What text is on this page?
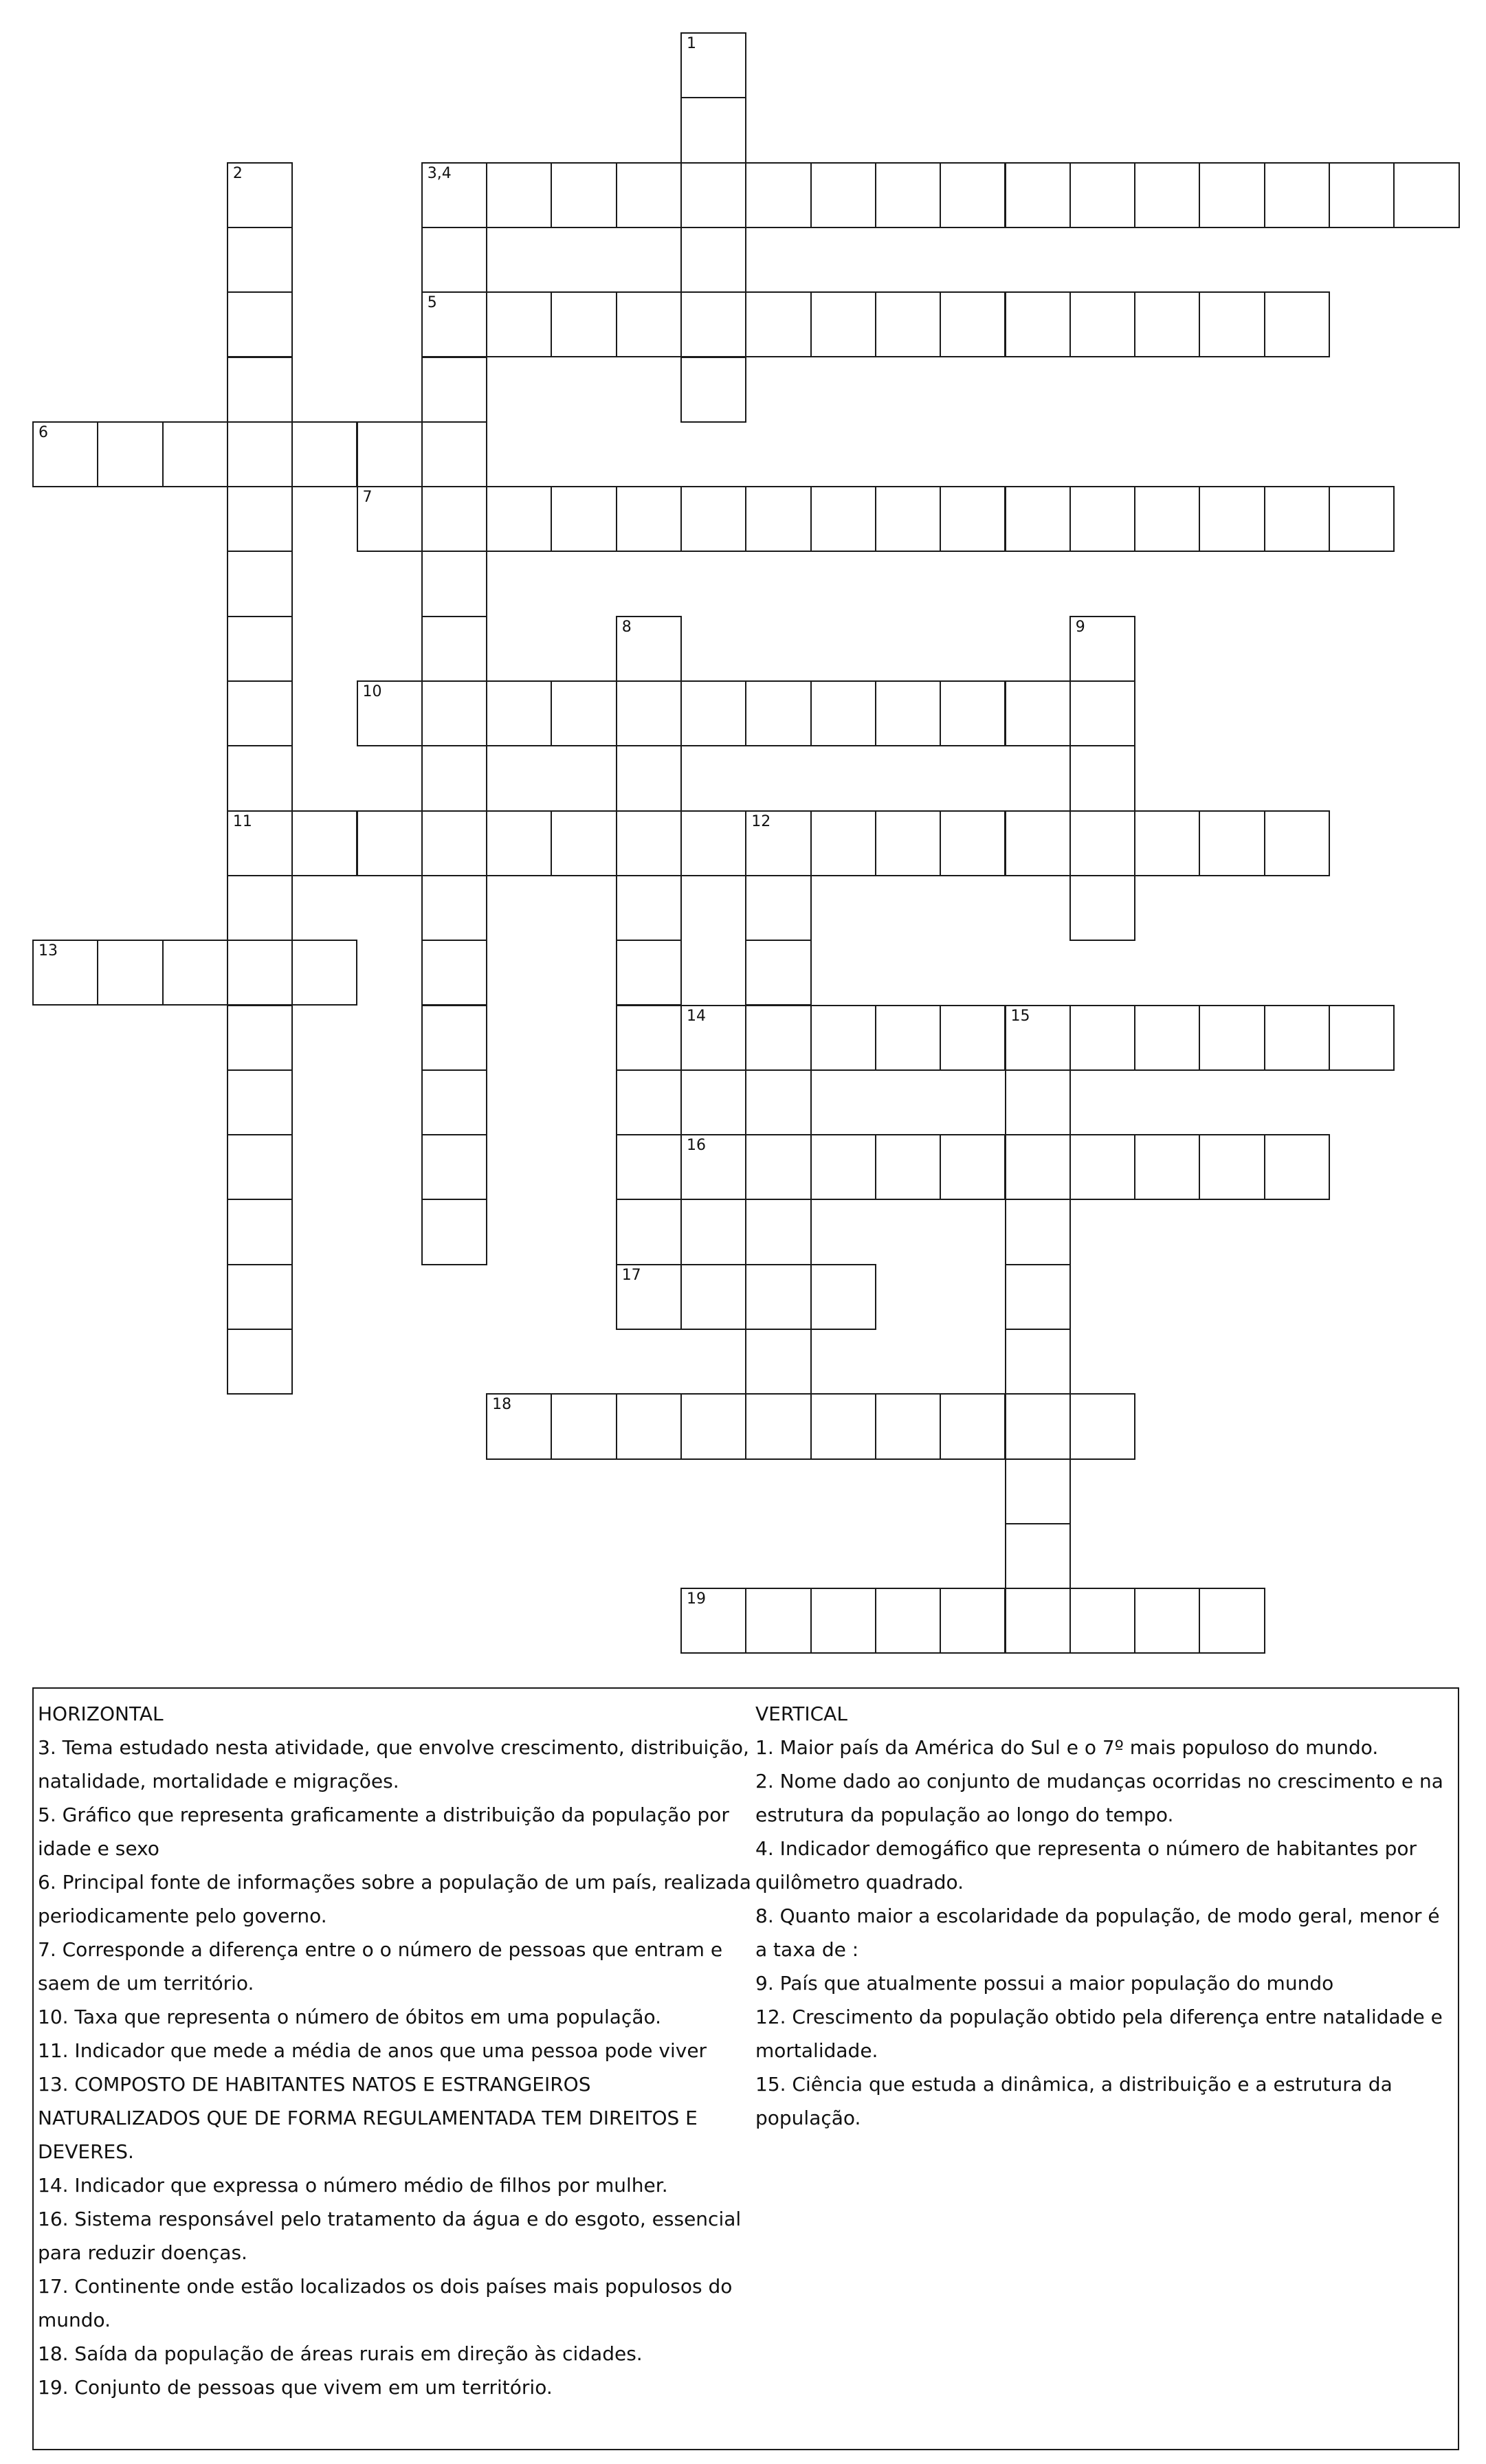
1
2
11
3,4
5
6
7
8	9
10
12
13
14	15
16
17
18
19
HORIZONTAL
3. Tema estudado nesta atividade, que envolve crescimento, distribuição, natalidade, mortalidade e migrações.
5. Gráfico que representa graficamente a distribuição da população por idade e sexo
6. Principal fonte de informações sobre a população de um país, realizada periodicamente pelo governo.
7. Corresponde a diferença entre o o número de pessoas que entram e saem de um território.
10. Taxa que representa o número de óbitos em uma população.
11. Indicador que mede a média de anos que uma pessoa pode viver
13. COMPOSTO DE HABITANTES NATOS E ESTRANGEIROS NATURALIZADOS QUE DE FORMA REGULAMENTADA TEM DIREITOS E DEVERES.
14. Indicador que expressa o número médio de filhos por mulher.
16. Sistema responsável pelo tratamento da água e do esgoto, essencial para reduzir doenças.
17. Continente onde estão localizados os dois países mais populosos do mundo.
18. Saída da população de áreas rurais em direção às cidades.
19. Conjunto de pessoas que vivem em um território.
VERTICAL
1. Maior país da América do Sul e o 7º mais populoso do mundo.
2. Nome dado ao conjunto de mudanças ocorridas no crescimento e na estrutura da população ao longo do tempo.
4. Indicador demogáfico que representa o número de habitantes por quilômetro quadrado.
8. Quanto maior a escolaridade da população, de modo geral, menor é a taxa de :
9. País que atualmente possui a maior população do mundo
12. Crescimento da população obtido pela diferença entre natalidade e mortalidade.
15. Ciência que estuda a dinâmica, a distribuição e a estrutura da população.
